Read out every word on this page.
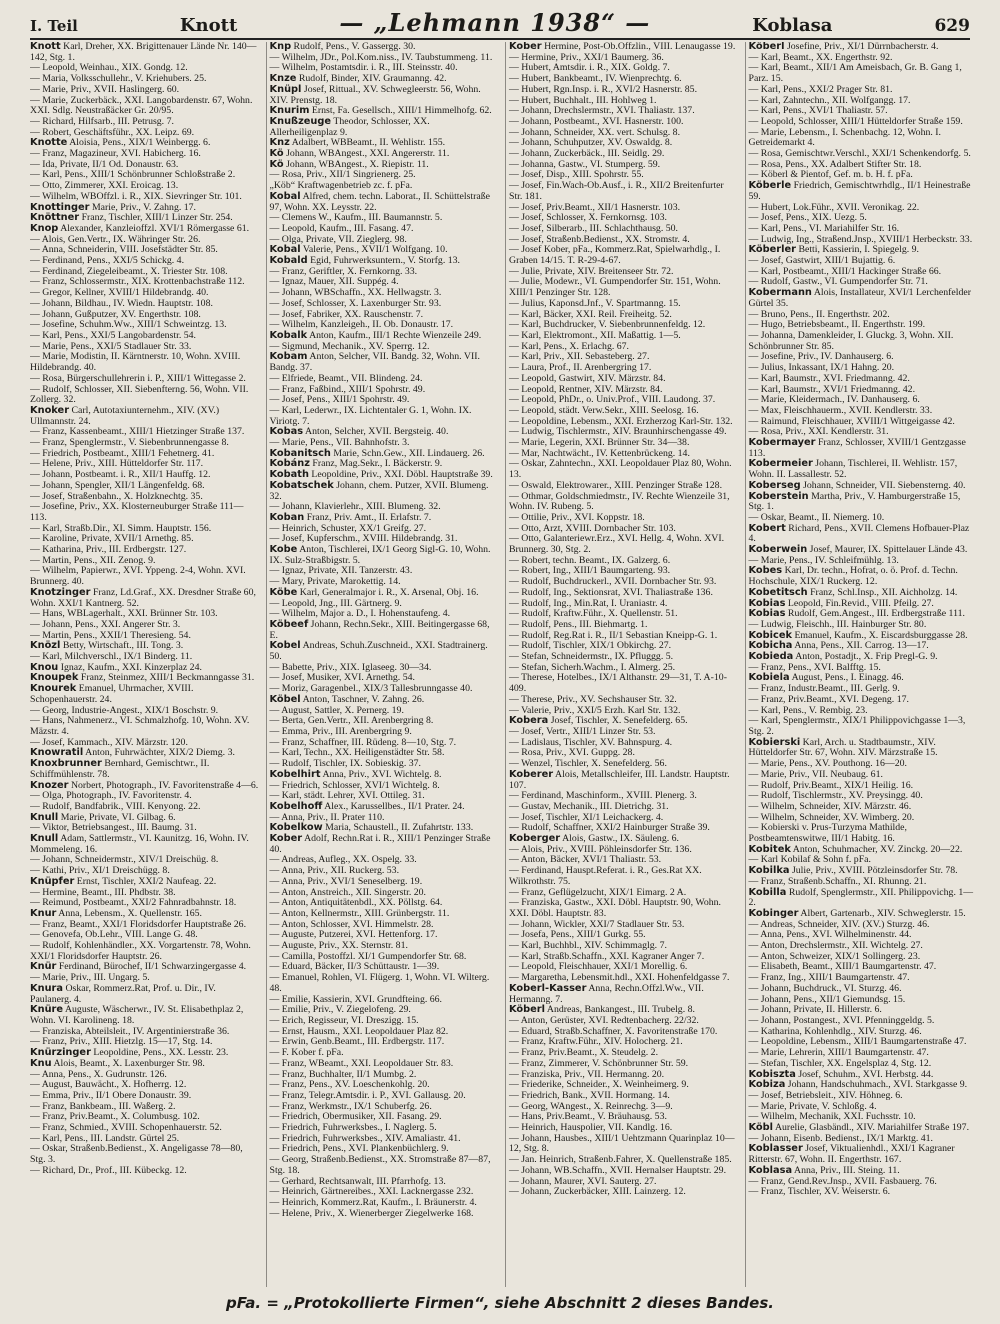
I. Teil	Knott	— „Lehmann 1938“ —	Koblasa	629

Knott Karl, Dreher, XX. Brigittenauer Lände Nr. 140—142, Stg. 1.

— Leopold, Weinhau., XIX. Gondg. 12.

— Maria, Volksschullehr., V. Kriehubers. 25.

— Marie, Priv., XVII. Haslingerg. 60.

— Marie, Zuckerbäck., XXI. Langobardenstr. 67, Wohn. XXI. Sdlg. Neustraßäcker Gr. 20/95.

— Richard, Hilfsarb., III. Petrusg. 7.

— Robert, Geschäftsführ., XX. Leipz. 69.

Knotte Aloisia, Pens., XIX/1 Weinbergg. 6.

— Franz, Magazineur, XVI. Habicherg. 16.

— Ida, Private, II/1 Od. Donaustr. 63.

— Karl, Pens., XIII/1 Schönbrunner Schloßstraße 2.

— Otto, Zimmerer, XXI. Eroicag. 13.

— Wilhelm, WBOffzl. i. R., XIX. Sievringer Str. 101.

Knottinger Marie, Priv., V. Zahng. 17.

Knöttner Franz, Tischler, XIII/1 Linzer Str. 254.

Knop Alexander, Kanzleioffzl. XVI/1 Römergasse 61.

— Alois, Gen.Vertr., IX. Währinger Str. 26.

— Anna, Schneiderin, VIII. Josefstädter Str. 85.

— Ferdinand, Pens., XXI/5 Schickg. 4.

— Ferdinand, Ziegeleibeamt., X. Triester Str. 108.

— Franz, Schlossermstr., XIX. Krottenbachstraße 112.

— Gregor, Kellner, XVIII/1 Hildebrandg. 40.

— Johann, Bildhau., IV. Wiedn. Hauptstr. 108.

— Johann, Gußputzer, XV. Engerthstr. 108.

— Josefine, Schuhm.Ww., XIII/1 Schweintzg. 13.

— Karl, Pens., XXI/5 Langobardenstr. 54.

— Marie, Pens., XXI/5 Stadlauer Str. 33.

— Marie, Modistin, II. Kärntnerstr. 10, Wohn. XVIII. Hildebrandg. 40.

— Rosa, Bürgerschullehrerin i. P., XIII/1 Wittegasse 2.

— Rudolf, Schlosser, XII. Siebenfterng. 56, Wohn. VII. Zollerg. 32.

Knoker Carl, Autotaxiunternehm., XIV. (XV.) Ullmannstr. 24.

— Franz, Kassenbeamt., XIII/1 Hietzinger Straße 137.

— Franz, Spenglermstr., V. Siebenbrunnengasse 8.

— Friedrich, Postbeamt., XIII/1 Fehetnerg. 41.

— Helene, Priv., XIII. Hütteldorfer Str. 117.

— Johann, Postbeamt. i. R., XII/1 Hauffg. 12.

— Johann, Spengler, XII/1 Längenfeldg. 68.

— Josef, Straßenbahn., X. Holzknechtg. 35.

— Josefine, Priv., XX. Klosterneuburger Straße 111—113.

— Karl, Straßb.Dir., XI. Simm. Hauptstr. 156.

— Karoline, Private, XVII/1 Arnethg. 85.

— Katharina, Priv., III. Erdbergstr. 127.

— Martin, Pens., XII. Zenog. 9.

— Wilhelm, Papierwr., XVI. Yppeng. 2-4, Wohn. XVI. Brunnerg. 40.

Knotzinger Franz, Ld.Graf., XX. Dresdner Straße 60, Wohn. XXI/1 Kantnerg. 52.

— Hans, WBLagerhalt., XXI. Brünner Str. 103.

— Johann, Pens., XXI. Angerer Str. 3.

— Martin, Pens., XXII/1 Theresieng. 54.

Knözl Betty, Wirtschaft., III. Tong. 3.

— Karl, Milchverschl., IX/1 Binderg. 11.

Knou Ignaz, Kaufm., XXI. Kinzerplaz 24.

Knoupek Franz, Steinmez, XIII/1 Beckmanngasse 31.

Knourek Emanuel, Uhrmacher, XVIII. Schopenhauerstr. 24.

— Georg, Industrie-Angest., XIX/1 Boschstr. 9.

— Hans, Nahmenerz., VI. Schmalzhofg. 10, Wohn. XV. Mäzstr. 4.

— Josef, Kammach., XIV. Märzstr. 120.

Knowratil Anton, Fuhrwächter, XIX/2 Diemg. 3.

Knoxbrunner Bernhard, Gemischtwr., II. Schiffmühlenstr. 78.

Knozer Norbert, Photograph., IV. Favoritenstraße 4—6.

— Olga, Photograph., IV. Favoritenstr. 4.

— Rudolf, Bandfabrik., VIII. Kenyong. 22.

Knull Marie, Private, VI. Gilbag. 6.

— Viktor, Betriebsangest., III. Baumg. 31.

Knull Adam, Sattlermstr., VI. Kaunitzg. 16, Wohn. IV. Mommeleng. 16.

— Johann, Schneidermstr., XIV/1 Dreischüg. 8.

— Kathi, Priv., XI/1 Dreischügg. 8.

Knüpfer Ernst, Tischler, XXI/2 Naufeag. 22.

— Hermine, Beamt., III. Phdbstr. 38.

— Reimund, Postbeamt., XXI/2 Fahnradbahnstr. 18.

Knur Anna, Lebensm., X. Quellenstr. 165.

— Franz, Beamt., XXI/1 Floridsdorfer Hauptstraße 26.

— Genovefa, Ob.Lehr., VIII. Lange G. 48.

— Rudolf, Kohlenhändler., XX. Vorgartenstr. 78, Wohn. XXI/1 Floridsdorfer Hauptstr. 26.

Knür Ferdinand, Bürochef, II/1 Schwarzingergasse 4.

— Marie, Priv., III. Ungarg. 5.

Knura Oskar, Rommerz.Rat, Prof. u. Dir., IV. Paulanerg. 4.

Knüre Auguste, Wäscherwr., IV. St. Elisabethplaz 2, Wohn. VI. Karolineng. 18.

— Franziska, Abteilsleit., IV. Argentinierstraße 36.

— Franz, Priv., XIII. Hietzlg. 15—17, Stg. 14.

Knürzinger Leopoldine, Pens., XX. Lesstr. 23.

Knu Alois, Beamt., X. Laxenburger Str. 98.

— Anna, Pens., X. Gudrunstr. 126.

— August, Bauwächt., X. Hofherrg. 12.

— Emma, Priv., II/1 Obere Donaustr. 39.

— Franz, Bankbeam., III. Waßerg. 2.

— Franz, Priv.Beamt., X. Columbusg. 102.

— Franz, Schmied., XVIII. Schopenhauerstr. 52.

— Karl, Pens., III. Landstr. Gürtel 25.

— Oskar, Straßenb.Bedienst., X. Angeligasse 78—80, Stg. 3.

— Richard, Dr., Prof., III. Kübeckg. 12.

Knp Rudolf, Pens., V. Gassergg. 30.

— Wilhelm, JDr., Pol.Kom.niss., IV. Taubstummeng. 11.

— Wilhelm, Postamtsdir. i. R., III. Steinsstr. 40.

Knze Rudolf, Binder, XIV. Graumanng. 42.

Knüpl Josef, Rittual., XV. Schwegleerstr. 56, Wohn. XIV. Prenstg. 18.

Knurim Ernst, Fa. Gesellsch., XIII/1 Himmelhofg. 62.

Knußzeuge Theodor, Schlosser, XX. Allerheiligenplaz 9.

Knz Adalbert, WBBeamt., II. Wehlistr. 155.

Kö Johann, WBAngest., XXI. Angererstr. 11.

Kö Johann, WBAngest., X. Riepistr. 11.

— Rosa, Priv., XII/1 Singrienerg. 25.

„Köb“ Kraftwagenbetrieb zc. f. pFa.

Kobal Alfred, chem. techn. Laborat., II. Schüttelstraße 97, Wohn. XX. Leysstr. 22.

— Clemens W., Kaufm., III. Baumannstr. 5.

— Leopold, Kaufm., III. Fasang. 47.

— Olga, Private, VII. Zieglerg. 98.

Kobal Valerie, Pens., XVII/1 Wolfgang. 10.

Kobald Egid, Fuhrwerksuntern., V. Storfg. 13.

— Franz, Geriftler, X. Fernkorng. 33.

— Ignaz, Mauer, XII. Suppég. 4.

— Johann, WBSchaffn., XX. Hellwagstr. 3.

— Josef, Schlosser, X. Laxenburger Str. 93.

— Josef, Fabriker, XX. Rauschenstr. 7.

— Wilhelm, Kanzleigeh., II. Ob. Donaustr. 17.

Kobalk Anton, Kaufm., III/1 Rechte Wienzeile 249.

— Sigmund, Mechanik., XV. Sperrg. 12.

Kobam Anton, Selcher, VII. Bandg. 32, Wohn. VII. Bandg. 37.

— Elfriede, Beamt., VII. Blindeng. 24.

— Franz, Faßbind., XIII/1 Spohrstr. 49.

— Josef, Pens., XIII/1 Spohrstr. 49.

— Karl, Lederwr., IX. Lichtentaler G. 1, Wohn. IX. Viriotg. 7.

Kobas Anton, Selcher, XVII. Bergsteig. 40.

— Marie, Pens., VII. Bahnhofstr. 3.

Kobanitsch Marie, Schn.Gew., XII. Lindauerg. 26.

Kobánz Franz, Mag.Sekr., I. Bäckerstr. 9.

Kobath Leopoldine, Priv., XXI. Döbl. Hauptstraße 39.

Kobatschek Johann, chem. Putzer, XVII. Blumeng. 32.

— Johann, Klavierlehr., XIII. Blumeng. 32.

Koban Franz, Priv. Amt., II. Erlafstr. 7.

— Heinrich, Schuster, XX/1 Greifg. 27.

— Josef, Kupferschm., XVIII. Hildebrandg. 31.

Kobe Anton, Tischlerei, IX/1 Georg Sigl-G. 10, Wohn. IX. Sulz-Straßbigstr. 5.

— Ignaz, Private, XII. Tanzerstr. 43.

— Mary, Private, Marokettig. 14.

Köbe Karl, Generalmajor i. R., X. Arsenal, Obj. 16.

— Leopold, Jng., III. Gärtnerg. 9.

— Wilhelm, Major a. D., I. Hohenstaufeng. 4.

Köbeef Johann, Rechn.Sekr., XIII. Beitingergasse 68, E.

Kobel Andreas, Schuh.Zuschneid., XXI. Stadtrainerg. 50.

— Babette, Priv., XIX. Iglaseeg. 30—34.

— Josef, Musiker, XVI. Arnethg. 54.

— Moriz, Garagenbel., XIX/3 Tallesbrunngasse 40.

Köbel Anton, Taschner, V. Zahng. 26.

— August, Sattler, X. Pernerg. 19.

— Berta, Gen.Vertr., XII. Arenbergring 8.

— Emma, Priv., III. Arenbergring 9.

— Franz, Schaffner, III. Rüdeng. 8—10, Stg. 7.

— Karl, Techn., XX. Heiligenstädter Str. 58.

— Rudolf, Tischler, IX. Sobieskig. 37.

Kobelhirt Anna, Priv., XVI. Wichtelg. 8.

— Friedrich, Schlosser, XVI/1 Wichtelg. 8.

— Karl, städt. Lehrer, XVI. Ottileg. 31.

Kobelhoff Alex., Karussellbes., II/1 Prater. 24.

— Anna, Priv., II. Prater 110.

Kobelkow Maria, Schaustell., II. Zufahrtstr. 133.

Kober Adolf, Rechn.Rat i. R., XIII/1 Penzinger Straße 40.

— Andreas, Aufleg., XX. Ospelg. 33.

— Anna, Priv., XII. Ruckerg. 53.

— Anna, Priv., XVI/1 Seneselberg. 19.

— Anton, Anstreich., XII. Singerstr. 20.

— Anton, Antiquitätenbdl., XX. Pöllstg. 64.

— Anton, Kellnermstr., XIII. Grünbergstr. 11.

— Anton, Schlosser, XVI. Himmelstr. 28.

— Auguste, Putzerei, XVI. Hettenforg. 17.

— Auguste, Priv., XX. Sternstr. 81.

— Camilla, Postoffzl. XI/1 Gumpendorfer Str. 68.

— Eduard, Bäcker, II/3 Schüttaustr. 1—39.

— Emanuel, Rohlen, VI. Flügerg. 1, Wohn. VI. Wilterg. 48.

— Emilie, Kassierin, XVI. Grundfteing. 66.

— Emilie, Priv., V. Ziegelofeng. 29.

— Erich, Regisseur, VI. Dreszigg. 15.

— Ernst, Hausm., XXI. Leopoldauer Plaz 82.

— Erwin, Genb.Beamt., III. Erdbergstr. 117.

— F. Kober f. pFa.

— Franz, WBeamt., XXI. Leopoldauer Str. 83.

— Franz, Buchhalter, II/1 Mumbg. 2.

— Franz, Pens., XV. Loeschenkohlg. 20.

— Franz, Telegr.Amtsdir. i. P., XVI. Gallausg. 20.

— Franz, Werkmstr., IX/1 Schuberfg. 26.

— Friedrich, Obermusiker, XII. Fasang. 29.

— Friedrich, Fuhrwerksbes., I. Naglerg. 5.

— Friedrich, Fuhrwerksbes., XIV. Amaliastr. 41.

— Friedrich, Pens., XVI. Plankenbüchlerg. 9.

— Georg, Straßenb.Bedienst., XX. Stromstraße 87—87, Stg. 18.

— Gerhard, Rechtsanwalt, III. Pfarrhofg. 13.

— Heinrich, Gärtnereibes., XXI. Lacknergasse 232.

— Heinrich, Kommerz.Rat, Kaufm., I. Bräunerstr. 4.

— Helene, Priv., X. Wienerberger Ziegelwerke 168.

Kober Hermine, Post-Ob.Offzlin., VIII. Lenaugasse 19.

— Hermine, Priv., XXI/1 Baumerg. 36.

— Hubert, Amtsdir. i. R., XIX. Goldg. 7.

— Hubert, Bankbeamt., IV. Wienprechtg. 6.

— Hubert, Rgn.Insp. i. R., XVI/2 Hasnerstr. 85.

— Hubert, Buchhalt., III. Hohlweg 1.

— Johann, Drechslermstr., XVI. Thaliastr. 137.

— Johann, Postbeamt., XVI. Hasnerstr. 100.

— Johann, Schneider, XX. vert. Schulsg. 8.

— Johann, Schuhputzer, XV. Oswaldg. 8.

— Johann, Zuckerbäck., III. Seidlg. 29.

— Johanna, Gastw., VI. Stumperg. 59.

— Josef, Disp., XIII. Spohrstr. 55.

— Josef, Fin.Wach-Ob.Ausf., i. R., XII/2 Breitenfurter Str. 181.

— Josef, Priv.Beamt., XII/1 Hasnerstr. 103.

— Josef, Schlosser, X. Fernkornsg. 103.

— Josef, Silberarb., III. Schlachthausg. 50.

— Josef, Straßenb.Bedienst., XX. Stromstr. 4.

— Josef Kober, pFa., Kommerz.Rat, Spielwarhdlg., I. Graben 14/15. T. R-29-4-67.

— Julie, Private, XIV. Breitenseer Str. 72.

— Julie, Modewr., VI. Gumpendorfer Str. 151, Wohn. XIII/1 Penzinger Str. 128.

— Julius, Kaponsd.Jnf., V. Spartmanng. 15.

— Karl, Bäcker, XXI. Reil. Freiheitg. 52.

— Karl, Buchdrucker, V. Siebenbrunnenfeldg. 12.

— Karl, Elektromont., XII. Maßattig. 1—5.

— Karl, Pens., X. Erlachg. 67.

— Karl, Priv., XII. Sebasteberg. 27.

— Laura, Prof., II. Arenbergring 17.

— Leopold, Gastwirt, XIV. Märzstr. 84.

— Leopold, Rentner, XIV. Märzstr. 84.

— Leopold, PhDr., o. Univ.Prof., VIII. Laudong. 37.

— Leopold, städt. Verw.Sekr., XIII. Seelosg. 16.

— Leopoldine, Lebensm., XXI. Erzherzog Karl-Str. 132.

— Ludwig, Tischlermstr., XIV. Braunhirschengasse 49.

— Marie, Legerin, XXI. Brünner Str. 34—38.

— Mar, Nachtwächt., IV. Kettenbrückeng. 14.

— Oskar, Zahntechn., XXI. Leopoldauer Plaz 80, Wohn. 13.

— Oswald, Elektrowarer., XIII. Penzinger Straße 128.

— Othmar, Goldschmiedmstr., IV. Rechte Wienzeile 31, Wohn. IV. Rubeng. 5.

— Ottilie, Priv., XVI. Koppstr. 18.

— Otto, Arzt, XVIII. Dornbacher Str. 103.

— Otto, Galanteriewr.Erz., XVI. Hellg. 4, Wohn. XVI. Brunnerg. 30, Stg. 2.

— Robert, techn. Beamt., IX. Galzerg. 6.

— Robert, Ing., XIII/1 Baumgarteng. 93.

— Rudolf, Buchdruckerl., XVII. Dornbacher Str. 93.

— Rudolf, Ing., Sektionsrat, XVI. Thaliastraße 136.

— Rudolf, Ing., Min.Rat, I. Uraniastr. 4.

— Rudolf, Kraftw.Führ., X. Quellenstr. 51.

— Rudolf, Pens., III. Biehmartg. 1.

— Rudolf, Reg.Rat i. R., II/1 Sebastian Kneipp-G. 1.

— Rudolf, Tischler, XIX/1 Obkirchg. 27.

— Stefan, Schneidermstr., IX. Pfluggg. 5.

— Stefan, Sicherh.Wachm., I. Almerg. 25.

— Therese, Hotelbes., IX/1 Althanstr. 29—31, T. A-10-409.

— Therese, Priv., XV. Sechshauser Str. 32.

— Valerie, Priv., XXI/5 Erzh. Karl Str. 132.

Kobera Josef, Tischler, X. Senefelderg. 65.

— Josef, Vertr., XIII/1 Linzer Str. 53.

— Ladislaus, Tischler, XV. Bahnspurg. 4.

— Rosa, Priv., XVI. Guppg. 28.

— Wenzel, Tischler, X. Senefelderg. 56.

Koberer Alois, Metallschleifer, III. Landstr. Hauptstr. 107.

— Ferdinand, Maschinform., XVIII. Plenerg. 3.

— Gustav, Mechanik., III. Dietrichg. 31.

— Josef, Tischler, XI/1 Leichackerg. 4.

— Rudolf, Schaffner, XXI/2 Hainburger Straße 39.

Koberger Alois, Gastw., IX. Säuleng. 6.

— Alois, Priv., XVIII. Pöhleinsdorfer Str. 136.

— Anton, Bäcker, XVI/1 Thaliastr. 53.

— Ferdinand, Hauspt.Referat. i. R., Ges.Rat XX. Wilkrothstr. 75.

— Franz, Geflügelzucht, XIX/1 Eimarg. 2 A.

— Franziska, Gastw., XXI. Döbl. Hauptstr. 90, Wohn. XXI. Döbl. Hauptstr. 83.

— Johann, Wickler, XXI/7 Stadlauer Str. 53.

— Josefa, Pens., XIII/1 Gurkg. 55.

— Karl, Buchhbl., XIV. Schimmaglg. 7.

— Karl, Straßb.Schaffn., XXI. Kagraner Anger 7.

— Leopold, Fleischhauer, XXI/1 Morellig. 6.

— Margaretha, Lebensmit.hdl., XXI. Hohenfeldgasse 7.

Koberl-Kasser Anna, Rechn.Offzl.Ww., VII. Hermanng. 7.

Köberl Andreas, Bankangest., III. Trubelg. 8.

— Anton, Gerüster, XVI. Redtenbacherg. 22/32.

— Eduard, Straßb.Schaffner, X. Favoritenstraße 170.

— Franz, Kraftw.Führ., XIV. Holocherg. 21.

— Franz, Priv.Beamt., X. Steudelg. 2.

— Franz, Zimmerer, V. Schönbrunner Str. 59.

— Franziska, Priv., VII. Hermanng. 20.

— Friederike, Schneider., X. Weinheimerg. 9.

— Friedrich, Bank., XVII. Hormang. 14.

— Georg, WAngest., X. Reinrechg. 3—9.

— Hans, Priv.Beamt., V. Bräuhausg. 53.

— Heinrich, Hauspolier, VII. Kandlg. 16.

— Johann, Hausbes., XIII/1 Uehtzmann Quarinplaz 10—12, Stg. 8.

— Jan. Heinrich, Straßenb.Fahrer, X. Quellenstraße 185.

— Johann, WB.Schaffn., XVII. Hernalser Hauptstr. 29.

— Johann, Maurer, XVI. Sauterg. 27.

— Johann, Zuckerbäcker, XIII. Lainzerg. 12.

Köberl Josefine, Priv., XI/1 Dürrnbacherstr. 4.

— Karl, Beamt., XX. Engerthstr. 92.

— Karl, Beamt., XII/1 Am Ameisbach, Gr. B. Gang 1, Parz. 15.

— Karl, Pens., XXI/2 Prager Str. 81.

— Karl, Zahntechn., XII. Wolfgangg. 17.

— Karl, Pens., XVI/1 Thaliastr. 57.

— Leopold, Schlosser, XIII/1 Hütteldorfer Straße 159.

— Marie, Lebensm., I. Schenbachg. 12, Wohn. I. Getreidemarkt 4.

— Rosa, Gemischtwr.Verschl., XXI/1 Schenkendorfg. 5.

— Rosa, Pens., XX. Adalbert Stifter Str. 18.

— Köberl & Pientof, Gef. m. b. H. f. pFa.

Köberle Friedrich, Gemischtwrhdlg., II/1 Heinestraße 59.

— Hubert, Lok.Führ., XVII. Veronikag. 22.

— Josef, Pens., XIX. Uezg. 5.

— Karl, Pens., VI. Mariahilfer Str. 16.

— Ludwig, Ing., Straßend.Jnsp., XVIII/1 Herbeckstr. 33.

Köberler Betti, Kassierin, I. Spiegelg. 9.

— Josef, Gastwirt, XIII/1 Bujattig. 6.

— Karl, Postbeamt., XIII/1 Hackinger Straße 66.

— Rudolf, Gastw., VI. Gumpendorfer Str. 71.

Kobermann Alois, Installateur, XVI/1 Lerchenfelder Gürtel 35.

— Bruno, Pens., II. Engerthstr. 202.

— Hugo, Betriebsbeamt., II. Engerthstr. 199.

— Johanna, Damenkleider, I. Gluckg. 3, Wohn. XII. Schönbrunner Str. 85.

— Josefine, Priv., IV. Danhauserg. 6.

— Julius, Inkassant, IX/1 Hahng. 20.

— Karl, Baumstr., XVI. Friedmanng. 42.

— Karl, Baumstr., XVI/1 Friedmanng. 42.

— Marie, Kleidermach., IV. Danhauserg. 6.

— Max, Fleischhauerm., XVII. Kendlerstr. 33.

— Raimund, Fleischhauer, XVIII/1 Wittgeigasse 42.

— Rosa, Priv., XXI. Kendlerstr. 31.

Kobermayer Franz, Schlosser, XVIII/1 Gentzgasse 113.

Kobermeier Johann, Tischlerei, II. Wehlistr. 157, Wohn. II. Lassallestr. 52.

Koberseg Johann, Schneider, VII. Siebensterng. 40.

Koberstein Martha, Priv., V. Hamburgerstraße 15, Stg. 1.

— Oskar, Beamt., II. Niemerg. 10.

Kobert Richard, Pens., XVII. Clemens Hofbauer-Plaz 4.

Koberwein Josef, Maurer, IX. Spittelauer Lände 43.

— Marie, Pens., IV. Schleifmühlg. 13.

Kobes Karl, Dr. techn., Hofrat, o. ö. Prof. d. Techn. Hochschule, XIX/1 Ruckerg. 12.

Kobetitsch Franz, Schl.Insp., XII. Aichholzg. 14.

Kobias Leopold, Fin.Revid., VIII. Pfeilg. 27.

Kobias Rudolf, Gem.Angest., III. Erdbergstraße 111.

— Ludwig, Fleischh., III. Hainburger Str. 80.

Kobicek Emanuel, Kaufm., X. Eiscardsburggasse 28.

Kobicha Anna, Pens., XII. Carrog. 13—17.

Kobieda Anton, Postadjt., X. Frip Pregl-G. 9.

— Franz, Pens., XVI. Balfftg. 15.

Kobiela August, Pens., I. Einagg. 46.

— Franz, Industr.Beamt., III. Gerlg. 9.

— Franz, Priv.Beamt., XVI. Degeng. 17.

— Karl, Pens., V. Rembig. 23.

— Karl, Spenglermstr., XIX/1 Philippovichgasse 1—3, Stg. 2.

Kobierski Karl, Arch. u. Stadtbaumstr., XIV. Hütteldorfer Str. 67, Wohn. XIV. Märzstraße 15.

— Marie, Pens., XV. Pouthong. 16—20.

— Marie, Priv., VII. Neubaug. 61.

— Rudolf, Priv.Beamt., XIX/1 Heilig. 16.

— Rudolf, Tischlermstr., XV. Preysingg. 40.

— Wilhelm, Schneider, XIV. Märzstr. 46.

— Wilhelm, Schneider, XV. Wimberg. 20.

— Kobierski v. Prus-Turzyma Mathilde, Postbeamtenswitwe, III/1 Habitg. 16.

Kobitek Anton, Schuhmacher, XV. Zinckg. 20—22.

— Karl Kobilaf & Sohn f. pFa.

Kobilka Julie, Priv., XVIII. Pötzleinsdorfer Str. 78.

— Franz, Straßenb.Schaffn., XI. Rhunng. 21.

Kobilla Rudolf, Spenglermstr., XII. Philippovichg. 1—2.

Kobinger Albert, Gartenarb., XIV. Schweglerstr. 15.

— Andreas, Schneider, XIV. (XV.) Sturzg. 46.

— Anna, Pens., XVI. Wilhelminenstr. 44.

— Anton, Drechslermstr., XII. Wichtelg. 27.

— Anton, Schweizer, XIX/1 Sollingerg. 23.

— Elisabeth, Beamt., XIII/1 Baumgartenstr. 47.

— Franz, Ing., XIII/1 Baumgartenstr. 47.

— Johann, Buchdruck., VI. Sturzg. 46.

— Johann, Pens., XII/1 Giemundsg. 15.

— Johann, Private, II. Hillerstr. 6.

— Johann, Postangest., XVI. Pfenninggeldg. 5.

— Katharina, Kohlenhdlg., XIV. Sturzg. 46.

— Leopoldine, Lebensm., XIII/1 Baumgartenstraße 47.

— Marie, Lehrerin, XIII/1 Baumgartenstr. 47.

— Stefan, Tischler, XX. Engelsplaz 4, Stg. 12.

Kobiszta Josef, Schuhm., XVI. Herbstg. 44.

Kobiza Johann, Handschuhmach., XVI. Starkgasse 9.

— Josef, Betriebsleit., XIV. Höhneg. 6.

— Marie, Private, V. Schloßg. 4.

— Wilhelm, Mechanik, XXI. Fuchsstr. 10.

Köbl Aurelie, Glasbändl., XIV. Mariahilfer Straße 197.

— Johann, Eisenb. Bedienst., IX/1 Marktg. 41.

Koblasser Josef, Viktualienhdl., XXI/1 Kagraner Ritterstr. 67, Wohn. II. Engerthstr. 167.

Koblasa Anna, Priv., III. Steing. 11.

— Franz, Gend.Rev.Jnsp., XVII. Fasbauerg. 76.

— Franz, Tischler, XV. Weiserstr. 6.

pFa. = „Protokollierte Firmen“, siehe Abschnitt 2 dieses Bandes.
